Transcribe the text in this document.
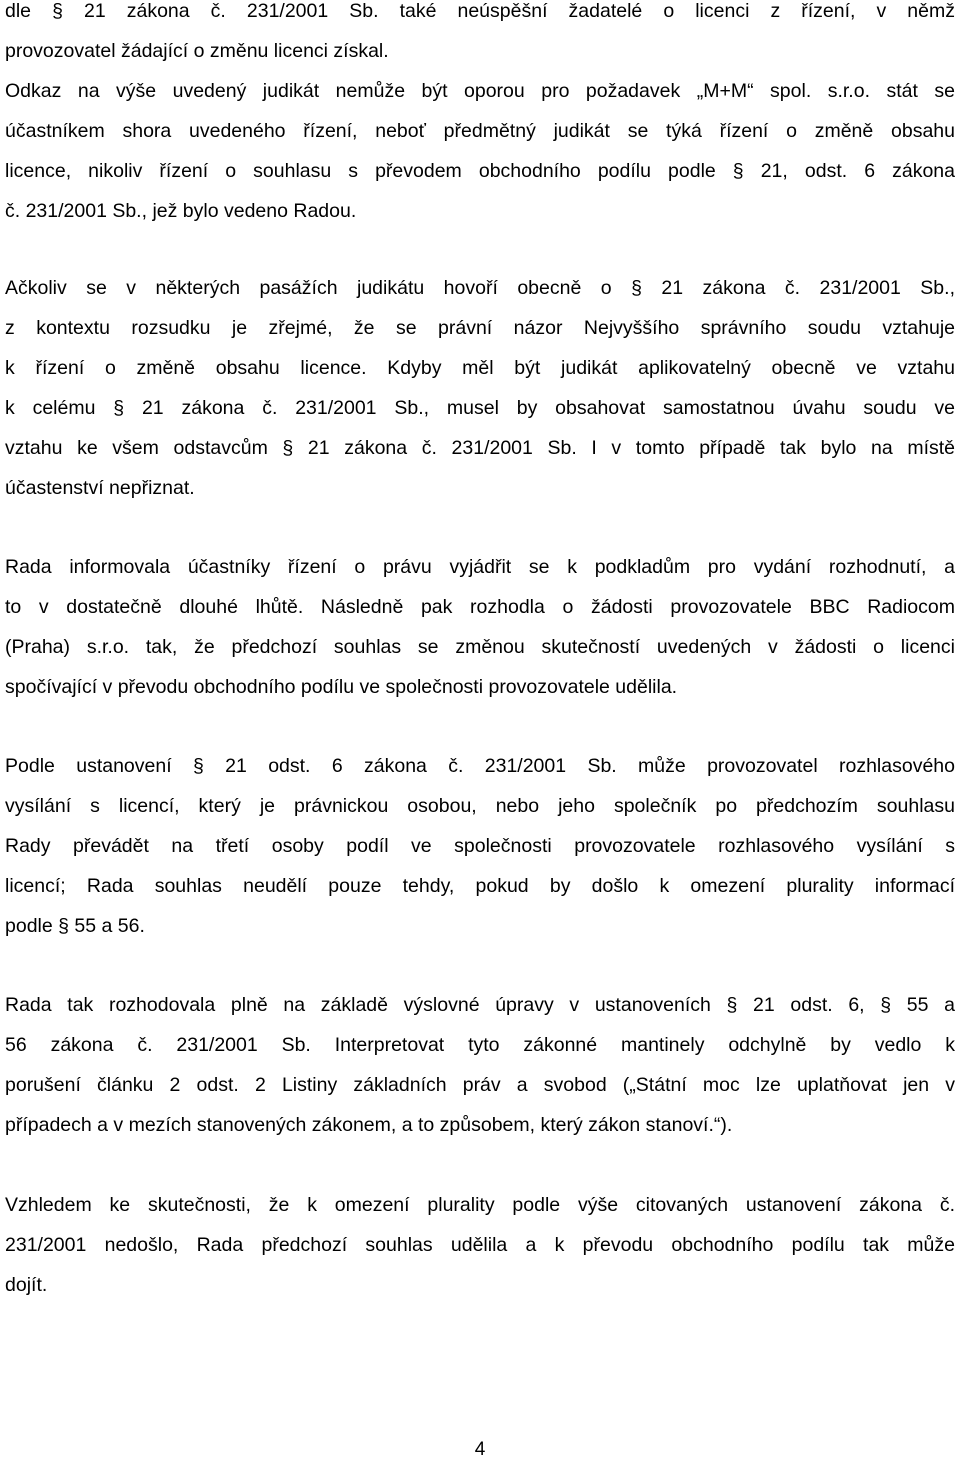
dle § 21 zákona č. 231/2001 Sb. také neúspěšní žadatelé o licenci z řízení, v němž
provozovatel žádající o změnu licenci získal.
Odkaz na výše uvedený judikát nemůže být oporou pro požadavek „M+M“ spol. s.r.o. stát se
účastníkem shora uvedeného řízení, neboť předmětný judikát se týká řízení o změně obsahu
licence, nikoliv řízení o souhlasu s převodem obchodního podílu podle § 21, odst. 6 zákona
č. 231/2001 Sb., jež bylo vedeno Radou.
Ačkoliv se v některých pasážích judikátu hovoří obecně o § 21 zákona č. 231/2001 Sb.,
z kontextu rozsudku je zřejmé, že se právní názor Nejvyššího správního soudu vztahuje
k řízení o změně obsahu licence. Kdyby měl být judikát aplikovatelný obecně ve vztahu
k celému § 21 zákona č. 231/2001 Sb., musel by obsahovat samostatnou úvahu soudu ve
vztahu ke všem odstavcům § 21 zákona č. 231/2001 Sb. I v tomto případě tak bylo na místě
účastenství nepřiznat.
Rada informovala účastníky řízení o právu vyjádřit se k podkladům pro vydání rozhodnutí, a
to v dostatečně dlouhé lhůtě. Následně pak rozhodla o žádosti provozovatele BBC Radiocom
(Praha) s.r.o. tak, že předchozí souhlas se změnou skutečností uvedených v žádosti o licenci
spočívající v převodu obchodního podílu ve společnosti provozovatele udělila.
Podle ustanovení § 21 odst. 6 zákona č. 231/2001 Sb. může provozovatel rozhlasového
vysílání s licencí, který je právnickou osobou, nebo jeho společník po předchozím souhlasu
Rady převádět na třetí osoby podíl ve společnosti provozovatele rozhlasového vysílání s
licencí; Rada souhlas neudělí pouze tehdy, pokud by došlo k omezení plurality informací
podle § 55 a 56.
Rada tak rozhodovala plně na základě výslovné úpravy v ustanoveních § 21 odst. 6, § 55 a
56 zákona č. 231/2001 Sb. Interpretovat tyto zákonné mantinely odchylně by vedlo k
porušení článku 2 odst. 2 Listiny základních práv a svobod („Státní moc lze uplatňovat jen v
případech a v mezích stanovených zákonem, a to způsobem, který zákon stanoví.“).
Vzhledem ke skutečnosti, že k omezení plurality podle výše citovaných ustanovení zákona č.
231/2001 nedošlo, Rada předchozí souhlas udělila a k převodu obchodního podílu tak může
dojít.
4
